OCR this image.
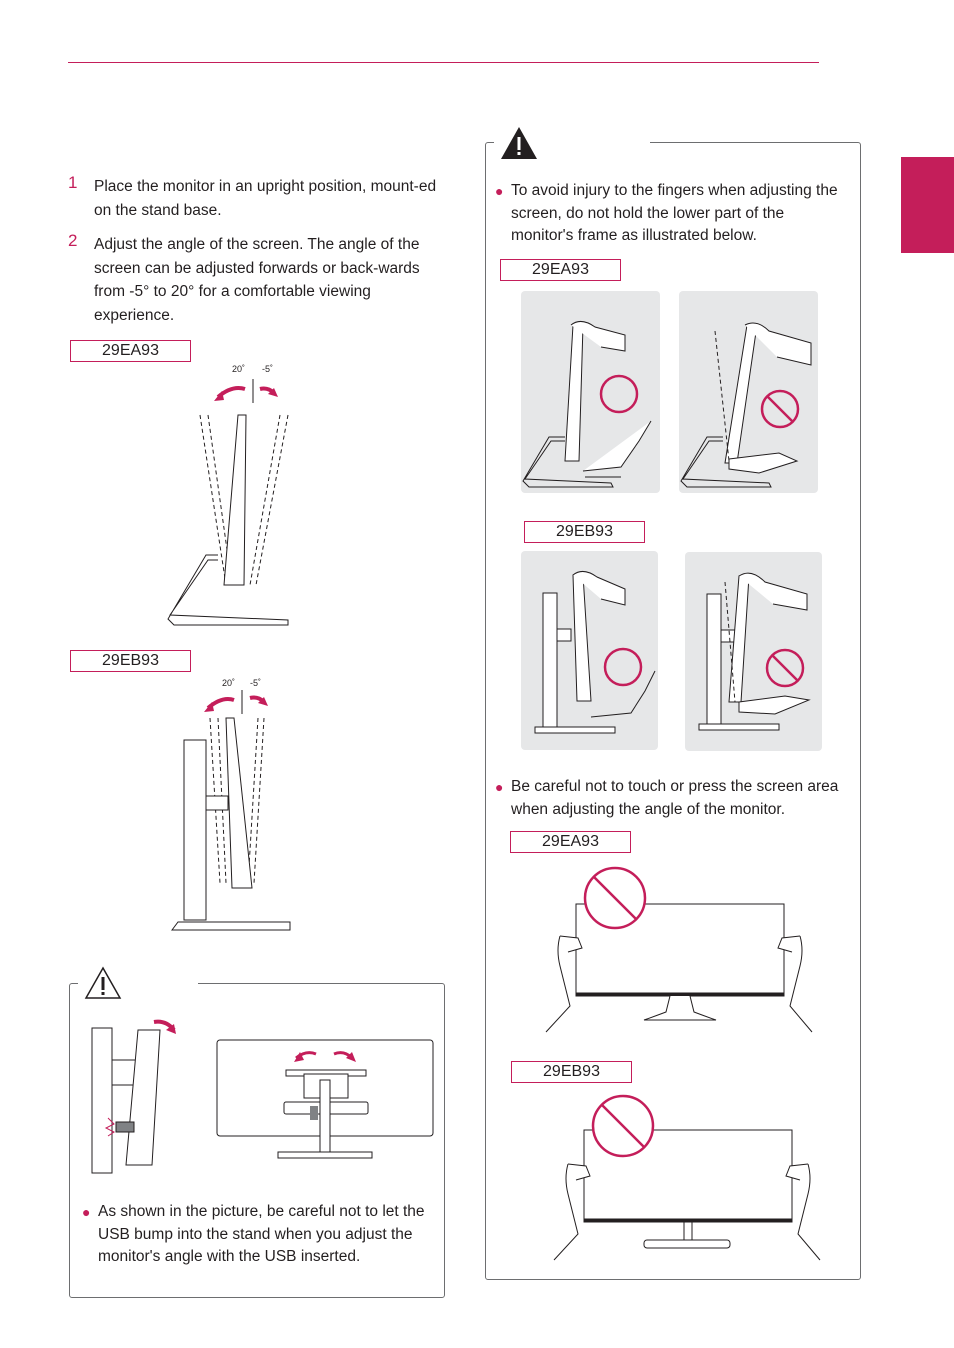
1 Place the monitor in an upright position, mount-ed on the stand base.
2 Adjust the angle of the screen. The angle of the screen can be adjusted forwards or back-wards from -5° to 20° for a comfortable viewing experience.
29EA93
20˚ -5˚
29EB93
20˚ -5˚
● As shown in the picture, be careful not to let the USB bump into the stand when you adjust the monitor's angle with the USB inserted.
● To avoid injury to the fingers when adjusting the screen, do not hold the lower part of the monitor's frame as illustrated below.
29EA93
29EB93
● Be careful not to touch or press the screen area when adjusting the angle of the monitor.
29EA93
29EB93
